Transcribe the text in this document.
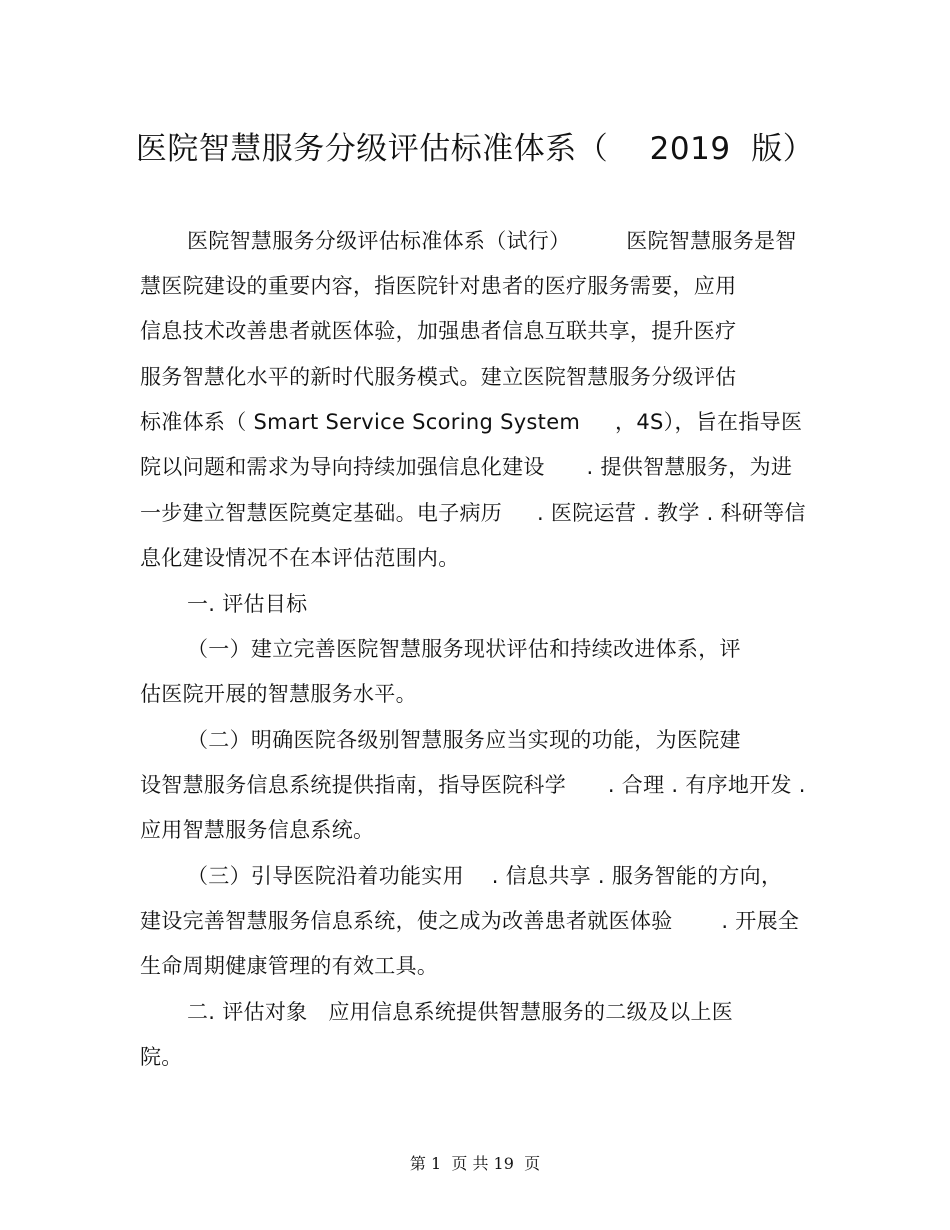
医院智慧服务分级评估标准体系（    2019  版）
医院智慧服务分级评估标准体系（试行）        医院智慧服务是智
慧医院建设的重要内容，指医院针对患者的医疗服务需要，应用
信息技术改善患者就医体验，加强患者信息互联共享，提升医疗
服务智慧化水平的新时代服务模式。建立医院智慧服务分级评估
标准体系（ Smart Service Scoring System     ，4S），旨在指导医
院以问题和需求为导向持续加强信息化建设      . 提供智慧服务，为进
一步建立智慧医院奠定基础。电子病历     . 医院运营 . 教学 . 科研等信
息化建设情况不在本评估范围内。
一. 评估目标
（一）建立完善医院智慧服务现状评估和持续改进体系，评
估医院开展的智慧服务水平。
（二）明确医院各级别智慧服务应当实现的功能，为医院建
设智慧服务信息系统提供指南，指导医院科学      . 合理 . 有序地开发 .
应用智慧服务信息系统。
（三）引导医院沿着功能实用    . 信息共享 . 服务智能的方向，
建设完善智慧服务信息系统，使之成为改善患者就医体验       . 开展全
生命周期健康管理的有效工具。
二. 评估对象   应用信息系统提供智慧服务的二级及以上医
院。
第 1  页 共 19  页
